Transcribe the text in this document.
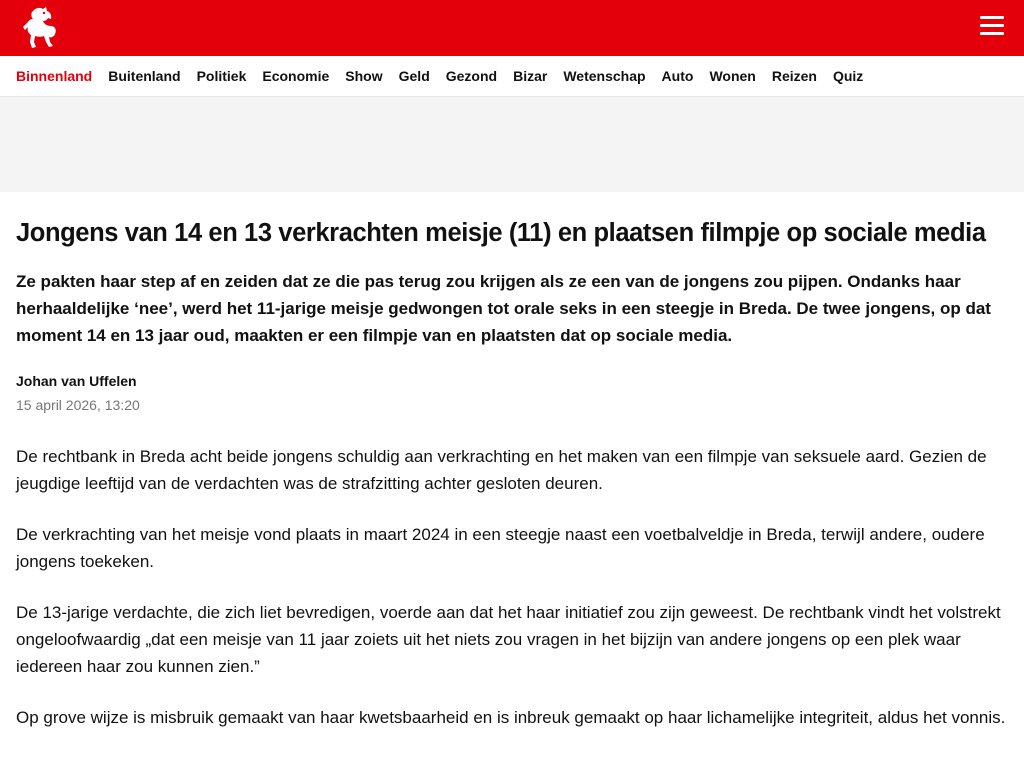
Binnenland Buitenland Politiek Economie Show Geld Gezond Bizar Wetenschap Auto Wonen Reizen Quiz
Jongens van 14 en 13 verkrachten meisje (11) en plaatsen filmpje op sociale media

Ze pakten haar step af en zeiden dat ze die pas terug zou krijgen als ze een van de jongens zou pijpen. Ondanks haar herhaaldelijke ‘nee’, werd het 11-jarige meisje gedwongen tot orale seks in een steegje in Breda. De twee jongens, op dat moment 14 en 13 jaar oud, maakten er een filmpje van en plaatsten dat op sociale media.

Johan van Uffelen
15 april 2026, 13:20

De rechtbank in Breda acht beide jongens schuldig aan verkrachting en het maken van een filmpje van seksuele aard. Gezien de jeugdige leeftijd van de verdachten was de strafzitting achter gesloten deuren.

De verkrachting van het meisje vond plaats in maart 2024 in een steegje naast een voetbalveldje in Breda, terwijl andere, oudere jongens toekeken.

De 13-jarige verdachte, die zich liet bevredigen, voerde aan dat het haar initiatief zou zijn geweest. De rechtbank vindt het volstrekt ongeloofwaardig „dat een meisje van 11 jaar zoiets uit het niets zou vragen in het bijzijn van andere jongens op een plek waar iedereen haar zou kunnen zien.”

Op grove wijze is misbruik gemaakt van haar kwetsbaarheid en is inbreuk gemaakt op haar lichamelijke integriteit, aldus het vonnis.
